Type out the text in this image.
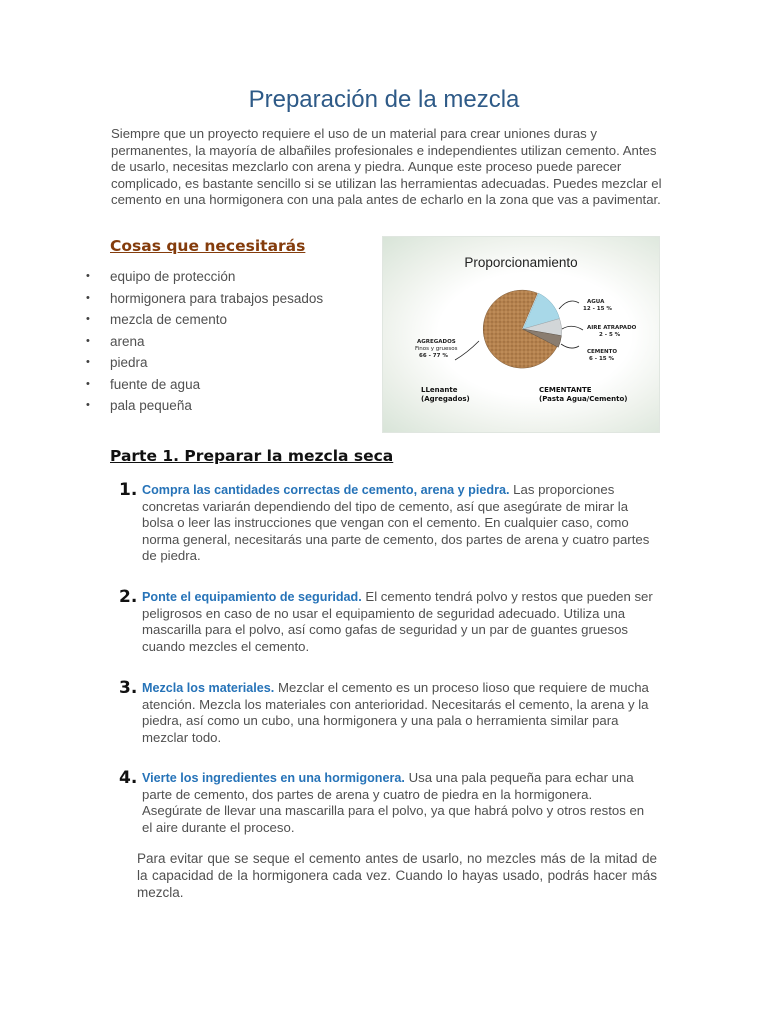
Preparación de la mezcla

Siempre que un proyecto requiere el uso de un material para crear uniones duras y permanentes, la mayoría de albañiles profesionales e independientes utilizan cemento. Antes de usarlo, necesitas mezclarlo con arena y piedra. Aunque este proceso puede parecer complicado, es bastante sencillo si se utilizan las herramientas adecuadas. Puedes mezclar el cemento en una hormigonera con una pala antes de echarlo en la zona que vas a pavimentar.

Cosas que necesitarás
• equipo de protección
• hormigonera para trabajos pesados
• mezcla de cemento
• arena
• piedra
• fuente de agua
• pala pequeña
Proporcionamiento
AGUA
12 - 15 %
AIRE ATRAPADO
2 - 5 %
CEMENTO
6 - 15 %
AGREGADOS
Finos y gruesos
66 - 77 %
LLenante
(Agregados)
CEMENTANTE
(Pasta Agua/Cemento)
Parte 1. Preparar la mezcla seca
1. Compra las cantidades correctas de cemento, arena y piedra. Las proporciones concretas variarán dependiendo del tipo de cemento, así que asegúrate de mirar la bolsa o leer las instrucciones que vengan con el cemento. En cualquier caso, como norma general, necesitarás una parte de cemento, dos partes de arena y cuatro partes de piedra.

2. Ponte el equipamiento de seguridad. El cemento tendrá polvo y restos que pueden ser peligrosos en caso de no usar el equipamiento de seguridad adecuado. Utiliza una mascarilla para el polvo, así como gafas de seguridad y un par de guantes gruesos cuando mezcles el cemento.

3. Mezcla los materiales. Mezclar el cemento es un proceso lioso que requiere de mucha atención. Mezcla los materiales con anterioridad. Necesitarás el cemento, la arena y la piedra, así como un cubo, una hormigonera y una pala o herramienta similar para mezclar todo.

4. Vierte los ingredientes en una hormigonera. Usa una pala pequeña para echar una parte de cemento, dos partes de arena y cuatro de piedra en la hormigonera. Asegúrate de llevar una mascarilla para el polvo, ya que habrá polvo y otros restos en el aire durante el proceso.

Para evitar que se seque el cemento antes de usarlo, no mezcles más de la mitad de la capacidad de la hormigonera cada vez. Cuando lo hayas usado, podrás hacer más mezcla.
